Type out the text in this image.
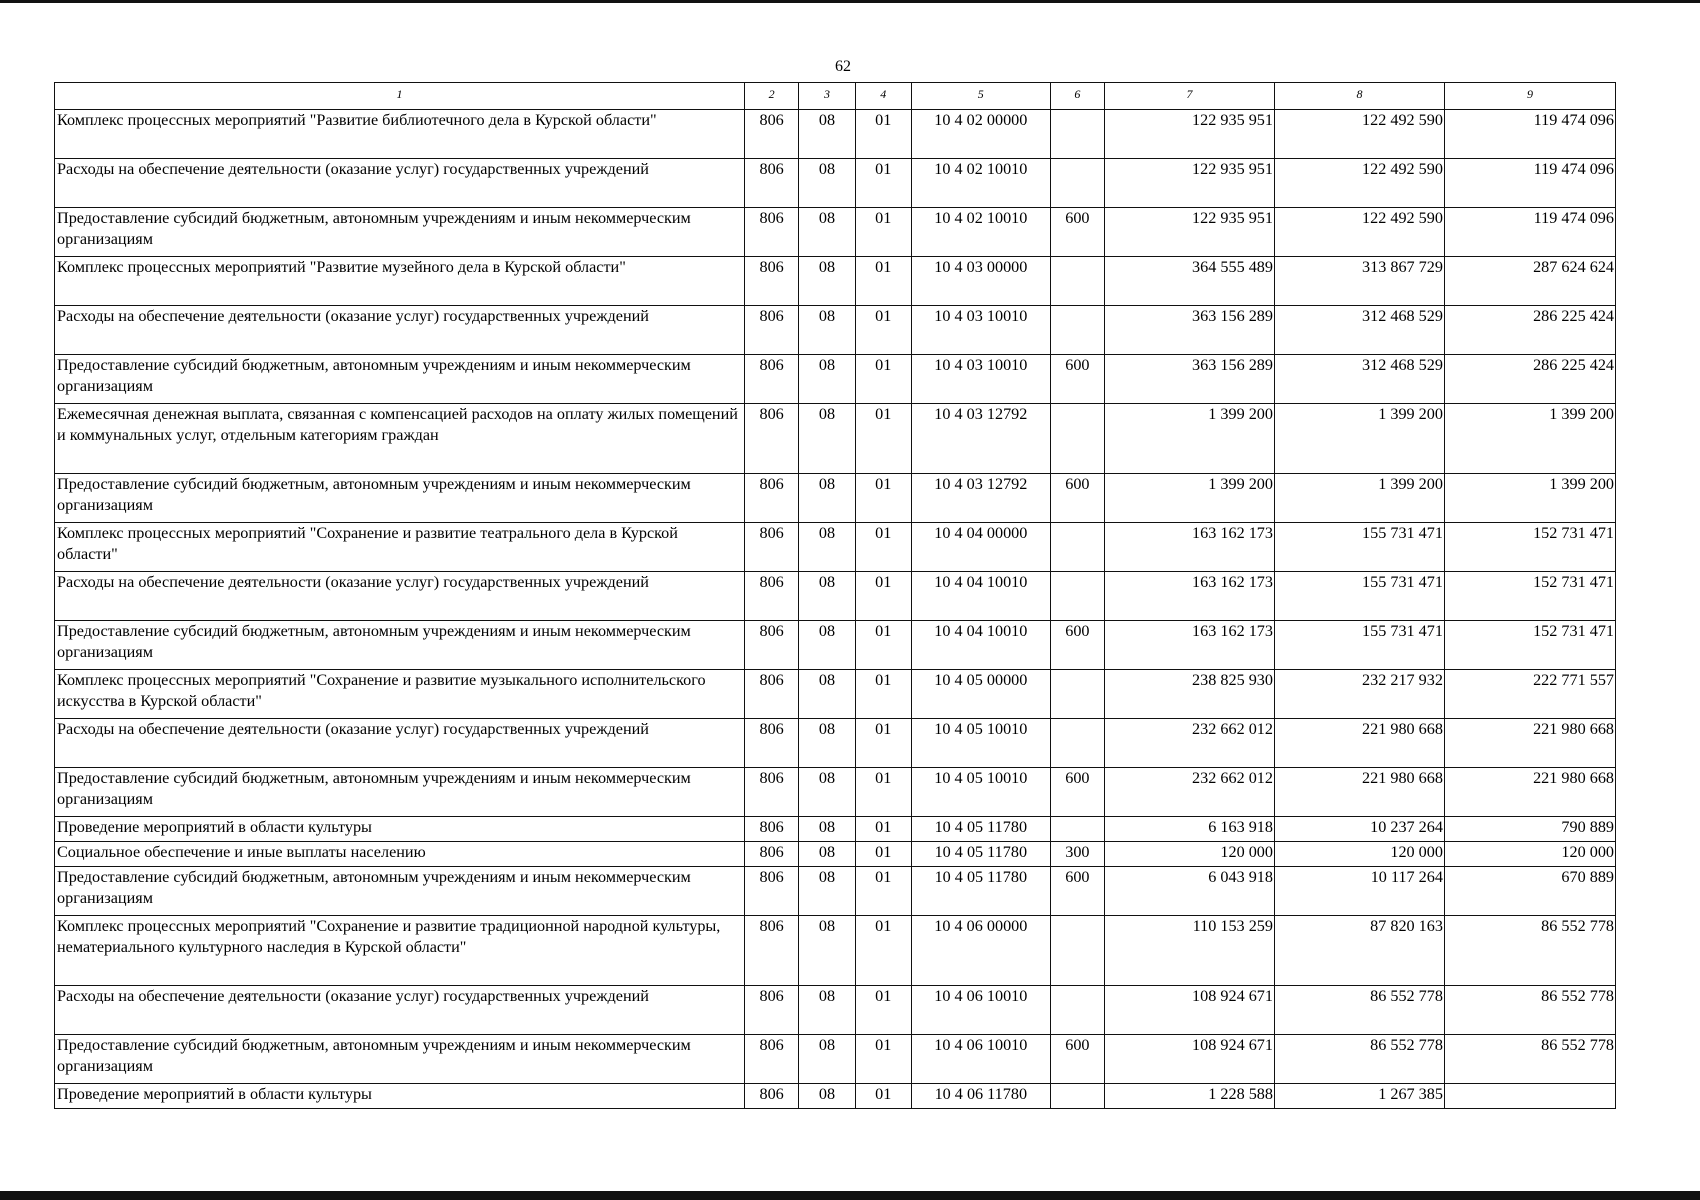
62
1	2	3	4	5	6	7	8	9
Комплекс процессных мероприятий "Развитие библиотечного дела в Курской области"	806	08	01	10 4 02 00000		122 935 951	122 492 590	119 474 096
Расходы на обеспечение деятельности (оказание услуг) государственных учреждений	806	08	01	10 4 02 10010		122 935 951	122 492 590	119 474 096
Предоставление субсидий бюджетным, автономным учреждениям и иным некоммерческим организациям	806	08	01	10 4 02 10010	600	122 935 951	122 492 590	119 474 096
Комплекс процессных мероприятий "Развитие музейного дела в Курской области"	806	08	01	10 4 03 00000		364 555 489	313 867 729	287 624 624
Расходы на обеспечение деятельности (оказание услуг) государственных учреждений	806	08	01	10 4 03 10010		363 156 289	312 468 529	286 225 424
Предоставление субсидий бюджетным, автономным учреждениям и иным некоммерческим организациям	806	08	01	10 4 03 10010	600	363 156 289	312 468 529	286 225 424
Ежемесячная денежная выплата, связанная с компенсацией расходов на оплату жилых помещений и коммунальных услуг, отдельным категориям граждан	806	08	01	10 4 03 12792		1 399 200	1 399 200	1 399 200
Предоставление субсидий бюджетным, автономным учреждениям и иным некоммерческим организациям	806	08	01	10 4 03 12792	600	1 399 200	1 399 200	1 399 200
Комплекс процессных мероприятий "Сохранение и развитие театрального дела в Курской области"	806	08	01	10 4 04 00000		163 162 173	155 731 471	152 731 471
Расходы на обеспечение деятельности (оказание услуг) государственных учреждений	806	08	01	10 4 04 10010		163 162 173	155 731 471	152 731 471
Предоставление субсидий бюджетным, автономным учреждениям и иным некоммерческим организациям	806	08	01	10 4 04 10010	600	163 162 173	155 731 471	152 731 471
Комплекс процессных мероприятий "Сохранение и развитие музыкального исполнительского искусства в Курской области"	806	08	01	10 4 05 00000		238 825 930	232 217 932	222 771 557
Расходы на обеспечение деятельности (оказание услуг) государственных учреждений	806	08	01	10 4 05 10010		232 662 012	221 980 668	221 980 668
Предоставление субсидий бюджетным, автономным учреждениям и иным некоммерческим организациям	806	08	01	10 4 05 10010	600	232 662 012	221 980 668	221 980 668
Проведение мероприятий в области культуры	806	08	01	10 4 05 11780		6 163 918	10 237 264	790 889
Социальное обеспечение и иные выплаты населению	806	08	01	10 4 05 11780	300	120 000	120 000	120 000
Предоставление субсидий бюджетным, автономным учреждениям и иным некоммерческим организациям	806	08	01	10 4 05 11780	600	6 043 918	10 117 264	670 889
Комплекс процессных мероприятий "Сохранение и развитие традиционной народной культуры, нематериального культурного наследия в Курской области"	806	08	01	10 4 06 00000		110 153 259	87 820 163	86 552 778
Расходы на обеспечение деятельности (оказание услуг) государственных учреждений	806	08	01	10 4 06 10010		108 924 671	86 552 778	86 552 778
Предоставление субсидий бюджетным, автономным учреждениям и иным некоммерческим организациям	806	08	01	10 4 06 10010	600	108 924 671	86 552 778	86 552 778
Проведение мероприятий в области культуры	806	08	01	10 4 06 11780		1 228 588	1 267 385	
